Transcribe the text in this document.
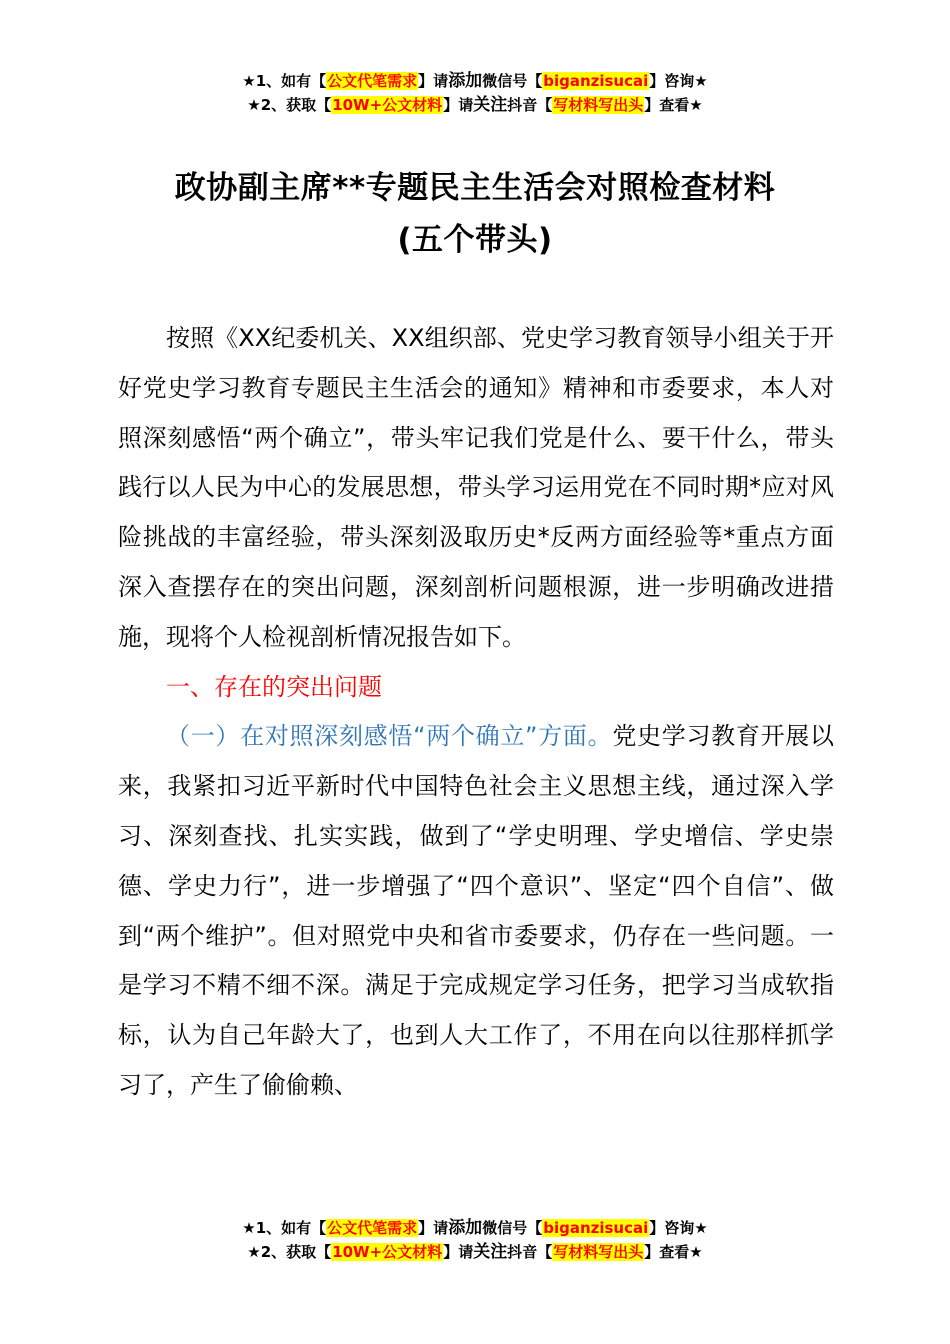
★1、如有【公文代笔需求】请添加微信号【biganzisucai】咨询★
★2、获取【10W+公文材料】请关注抖音【写材料写出头】查看★
政协副主席**专题民主生活会对照检查材料
(五个带头)

按照《XX纪委机关、XX组织部、党史学习教育领导小组关于开好党史学习教育专题民主生活会的通知》精神和市委要求，本人对照深刻感悟“两个确立”，带头牢记我们党是什么、要干什么，带头践行以人民为中心的发展思想，带头学习运用党在不同时期*应对风险挑战的丰富经验，带头深刻汲取历史*反两方面经验等*重点方面深入查摆存在的突出问题，深刻剖析问题根源，进一步明确改进措施，现将个人检视剖析情况报告如下。

一、存在的突出问题

（一）在对照深刻感悟“两个确立”方面。党史学习教育开展以来，我紧扣习近平新时代中国特色社会主义思想主线，通过深入学习、深刻查找、扎实实践，做到了“学史明理、学史增信、学史崇德、学史力行”，进一步增强了“四个意识”、坚定“四个自信”、做到“两个维护”。但对照党中央和省市委要求，仍存在一些问题。一是学习不精不细不深。满足于完成规定学习任务，把学习当成软指标，认为自己年龄大了，也到人大工作了，不用在向以往那样抓学习了，产生了偷偷赖、

★1、如有【公文代笔需求】请添加微信号【biganzisucai】咨询★
★2、获取【10W+公文材料】请关注抖音【写材料写出头】查看★
